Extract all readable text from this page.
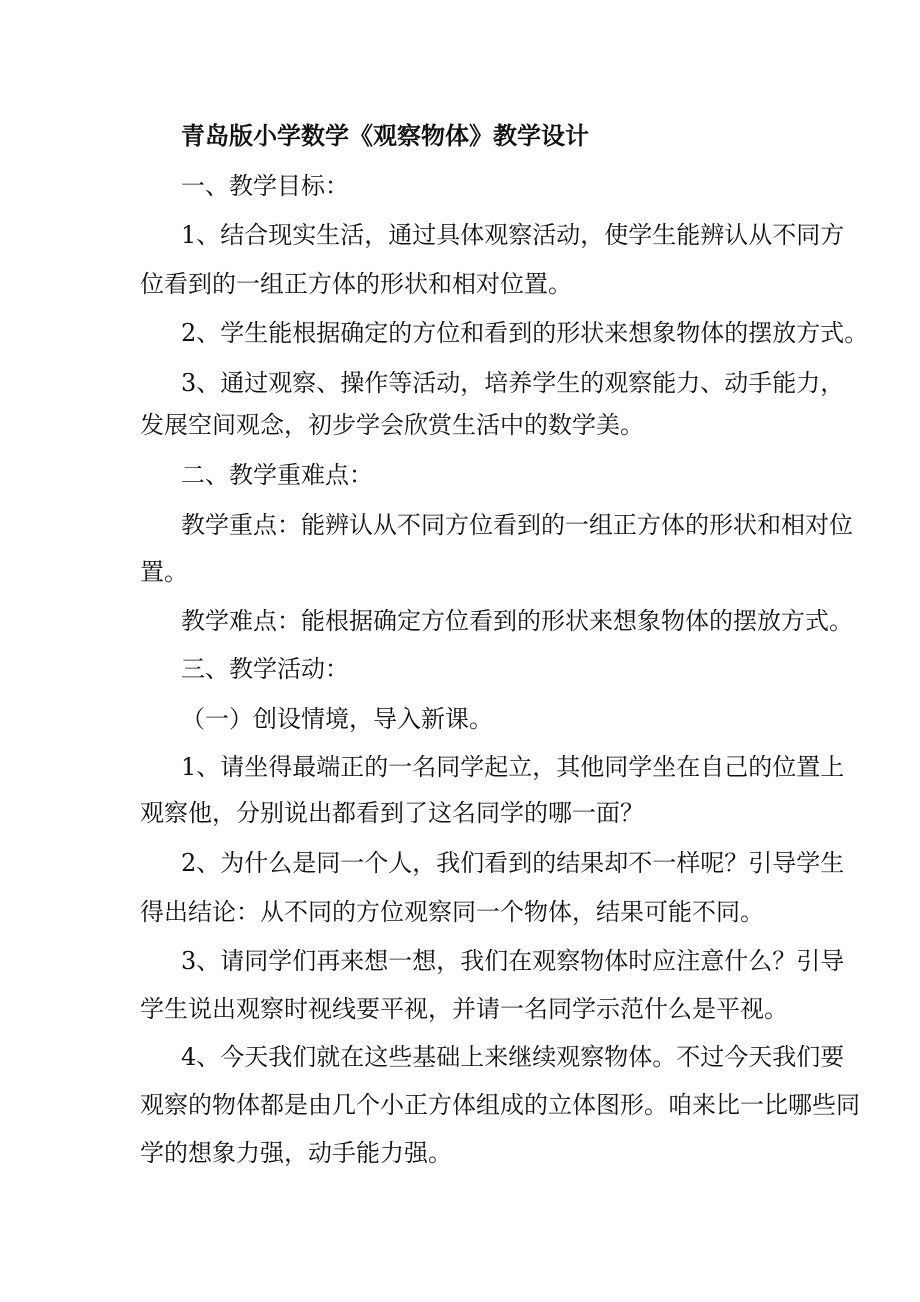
青岛版小学数学《观察物体》教学设计
一、教学目标：
1、结合现实生活，通过具体观察活动，使学生能辨认从不同方
位看到的一组正方体的形状和相对位置。
2、学生能根据确定的方位和看到的形状来想象物体的摆放方式。
3、通过观察、操作等活动，培养学生的观察能力、动手能力，
发展空间观念，初步学会欣赏生活中的数学美。
二、教学重难点：
教学重点：能辨认从不同方位看到的一组正方体的形状和相对位
置。
教学难点：能根据确定方位看到的形状来想象物体的摆放方式。
三、教学活动：
（一）创设情境，导入新课。
1、请坐得最端正的一名同学起立，其他同学坐在自己的位置上
观察他，分别说出都看到了这名同学的哪一面？
2、为什么是同一个人，我们看到的结果却不一样呢？引导学生
得出结论：从不同的方位观察同一个物体，结果可能不同。
3、请同学们再来想一想，我们在观察物体时应注意什么？引导
学生说出观察时视线要平视，并请一名同学示范什么是平视。
4、今天我们就在这些基础上来继续观察物体。不过今天我们要
观察的物体都是由几个小正方体组成的立体图形。咱来比一比哪些同
学的想象力强，动手能力强。
